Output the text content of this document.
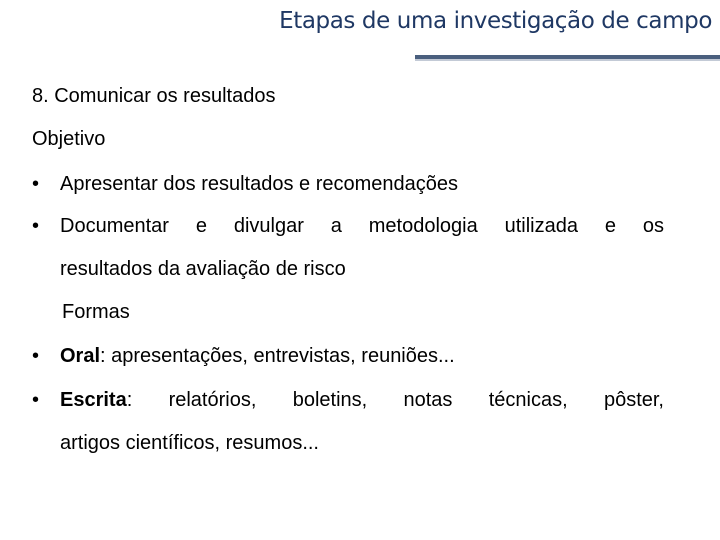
Etapas de uma investigação de campo
8. Comunicar os resultados
Objetivo
• Apresentar dos resultados e recomendações
• Documentar e divulgar a metodologia utilizada e os
resultados da avaliação de risco
Formas
• Oral: apresentações, entrevistas, reuniões...
• Escrita: relatórios, boletins, notas técnicas, pôster,
artigos científicos, resumos...
